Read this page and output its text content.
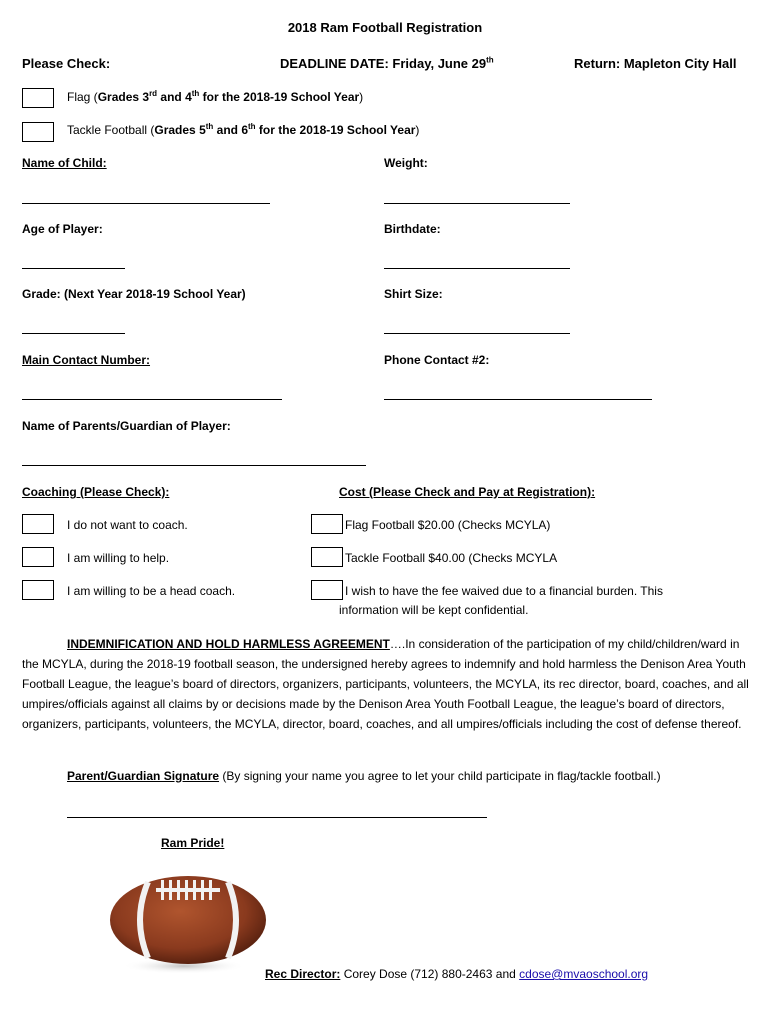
2018 Ram Football Registration
Please Check:	DEADLINE DATE: Friday, June 29th	Return: Mapleton City Hall
Flag (Grades 3rd and 4th for the 2018-19 School Year)
Tackle Football (Grades 5th and 6th for the 2018-19 School Year)
Name of Child:	Weight:
Age of Player:	Birthdate:
Grade: (Next Year 2018-19 School Year)	Shirt Size:
Main Contact Number:	Phone Contact #2:
Name of Parents/Guardian of Player:
Coaching (Please Check):	Cost (Please Check and Pay at Registration):
I do not want to coach.	Flag Football $20.00 (Checks MCYLA)
I am willing to help.	Tackle Football $40.00 (Checks MCYLA
I am willing to be a head coach.	I wish to have the fee waived due to a financial burden. This
information will be kept confidential.
INDEMNIFICATION AND HOLD HARMLESS AGREEMENT….In consideration of the participation of my child/children/ward in the MCYLA, during the 2018-19 football season, the undersigned hereby agrees to indemnify and hold harmless the Denison Area Youth Football League, the league’s board of directors, organizers, participants, volunteers, the MCYLA, its rec director, board, coaches, and all umpires/officials against all claims by or decisions made by the Denison Area Youth Football League, the league’s board of directors, organizers, participants, volunteers, the MCYLA, director, board, coaches, and all umpires/officials including the cost of defense thereof.
Parent/Guardian Signature (By signing your name you agree to let your child participate in flag/tackle football.)
Ram Pride!
Rec Director: Corey Dose (712) 880-2463 and cdose@mvaoschool.org
